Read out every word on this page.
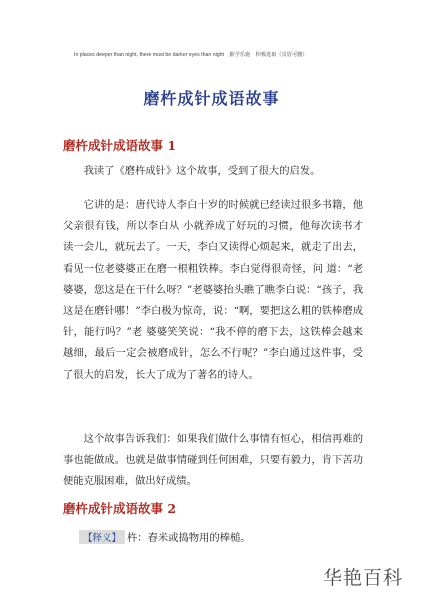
In places deeper than night, there must be darker eyes than night 勤学乐施 积极进取（页眉可删）
磨杵成针成语故事
磨杵成针成语故事 1

我读了《磨杵成针》这个故事，受到了很大的启发。

它讲的是：唐代诗人李白十岁的时候就已经读过很多书籍，他父亲很有钱，所以李白从 小就养成了好玩的习惯，他每次读书才读一会儿，就玩去了。一天，李白又读得心烦起来，就走了出去，看见一位老婆婆正在磨一根粗铁棒。李白觉得很奇怪，问 道：“老婆婆，您这是在干什么呀？”老婆婆抬头瞧了瞧李白说：“孩子，我这是在磨针哪！”李白极为惊奇，说：“啊，要把这么粗的铁棒磨成针，能行吗？”老 婆婆笑笑说：“我不停的磨下去，这铁棒会越来越细，最后一定会被磨成针，怎么不行呢？”李白通过这件事，受了很大的启发，长大了成为了著名的诗人。

这个故事告诉我们：如果我们做什么事情有恒心，相信再难的事也能做成。也就是做事情碰到任何困难，只要有毅力，肯下苦功便能克服困难，做出好成绩。

磨杵成针成语故事 2
【释义】 杵：舂米或捣物用的棒槌。
华艳百科
